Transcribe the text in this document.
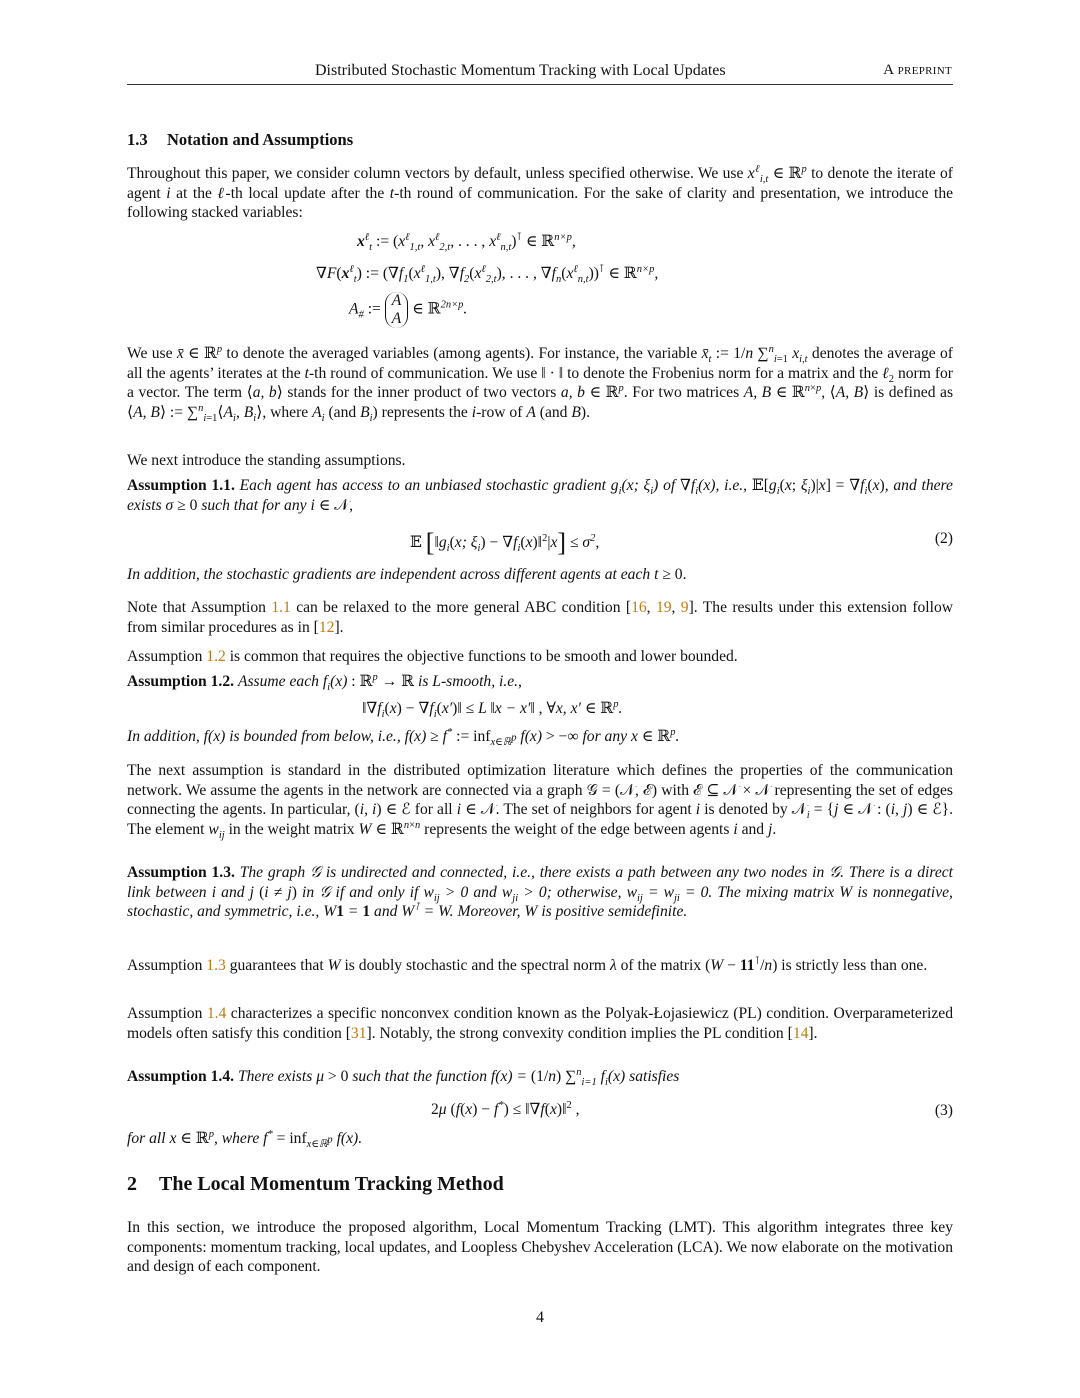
Distributed Stochastic Momentum Tracking with Local Updates	A preprint
1.3 Notation and Assumptions
Throughout this paper, we consider column vectors by default, unless specified otherwise. We use $x^\ell_{i,t}$ ∈ ℝ$^p$ to denote the iterate of agent i at the ℓ-th local update after the t-th round of communication. For the sake of clarity and presentation, we introduce the following stacked variables:
$x^\ell_t$ := ($x^\ell_{1,t}$, $x^\ell_{2,t}$, . . . , $x^\ell_{n,t})^⊺$ ∈ ℝ$^{n\times p}$,
$\nabla F(x^\ell_t)$ := ($\nabla f_1(x^\ell_{1,t})$, $\nabla f_2(x^\ell_{2,t})$, . . . , $\nabla f_n(x^\ell_{n,t}))^⊺$ ∈ ℝ$^{n\times p}$,
$A_{\#}$ := A
A ∈ ℝ$^{2n\times p}$.
We use x̄ ∈ ℝ$^p$ to denote the averaged variables (among agents). For instance, the variable $x̄_t$ := 1/n ∑$^n_{i=1}$ $x_{i,t}$ denotes the average of all the agents’ iterates at the t-th round of communication. We use ‖ · ‖ to denote the Frobenius norm for a matrix and the ℓ$_2$ norm for a vector. The term ⟨a, b⟩ stands for the inner product of two vectors a, b ∈ ℝ$^p$. For two matrices A, B ∈ ℝ$^{n\times p}$, ⟨A, B⟩ is defined as ⟨A, B⟩ := $\sum^n_{i=1}⟨A_i$, $B_i⟩$, where $A_i$ (and $B_i$) represents the i-row of A (and B).
We next introduce the standing assumptions.
Assumption 1.1. Each agent has access to an unbiased stochastic gradient $g_i(x$; $\xi_i$) of $\nabla f_i(x)$, i.e., $𝔼[g_i(x$; $\xi_i)|x] = \nabla f_i(x)$, and there exists σ ≥ 0 such that for any i ∈ 𝒩,
𝔼 [$‖g_i(x$; $\xi_i$) − $\nabla f_i(x)‖^2|x] \le \sigma^2$,	(2)
In addition, the stochastic gradients are independent across different agents at each t ≥ 0.
Note that Assumption 1.1 can be relaxed to the more general ABC condition [16, 19, 9]. The results under this extension follow from similar procedures as in [12].
Assumption 1.2 is common that requires the objective functions to be smooth and lower bounded.
Assumption 1.2. Assume each $f_i(x)$ : ℝ$^p$ → ℝ is L-smooth, i.e.,
$‖\nabla f_i(x)$ − $\nabla f_i(x')‖ \le L$ ‖x − x′‖ , ∀x, x′ ∈ ℝ$^p$.
In addition, f(x) is bounded from below, i.e., f(x) ≥ f* := inf$_{x\in ℝ^p}$ f(x) > −∞ for any x ∈ ℝ$^p$.
The next assumption is standard in the distributed optimization literature which defines the properties of the communication network. We assume the agents in the network are connected via a graph 𝒢 = (𝒩, ℰ) with ℰ ⊆ 𝒩 × 𝒩 representing the set of edges connecting the agents. In particular, (i, i) ∈ ℰ for all i ∈ 𝒩. The set of neighbors for agent i is denoted by 𝒩$_i$ = {j ∈ 𝒩 : (i, j) ∈ ℰ}. The element $w_{ij}$ in the weight matrix W ∈ ℝ$^{n\times n}$ represents the weight of the edge between agents i and j.
Assumption 1.3. The graph 𝒢 is undirected and connected, i.e., there exists a path between any two nodes in 𝒢. There is a direct link between i and j (i ≠ j) in 𝒢 if and only if $w_{ij} > 0$ and $w_{ji} > 0$; otherwise, $w_{ij} = w_{ji} = 0$. The mixing matrix W is nonnegative, stochastic, and symmetric, i.e., W1 = 1 and W⊺ = W. Moreover, W is positive semidefinite.
Assumption 1.3 guarantees that W is doubly stochastic and the spectral norm λ of the matrix (W − 11⊺/n) is strictly less than one.
Assumption 1.4 characterizes a specific nonconvex condition known as the Polyak-Łojasiewicz (PL) condition. Overparameterized models often satisfy this condition [31]. Notably, the strong convexity condition implies the PL condition [14].
Assumption 1.4. There exists μ > 0 such that the function f(x) = (1/n) ∑$^n_{i=1}$ $f_i(x)$ satisfies
2μ (f(x) − f*) ≤ ‖∇f(x)‖$^2$ ,	(3)
for all x ∈ ℝ$^p$, where f* = inf$_{x\in ℝ^p}$ f(x).
2 The Local Momentum Tracking Method
In this section, we introduce the proposed algorithm, Local Momentum Tracking (LMT). This algorithm integrates three key components: momentum tracking, local updates, and Loopless Chebyshev Acceleration (LCA). We now elaborate on the motivation and design of each component.
4
